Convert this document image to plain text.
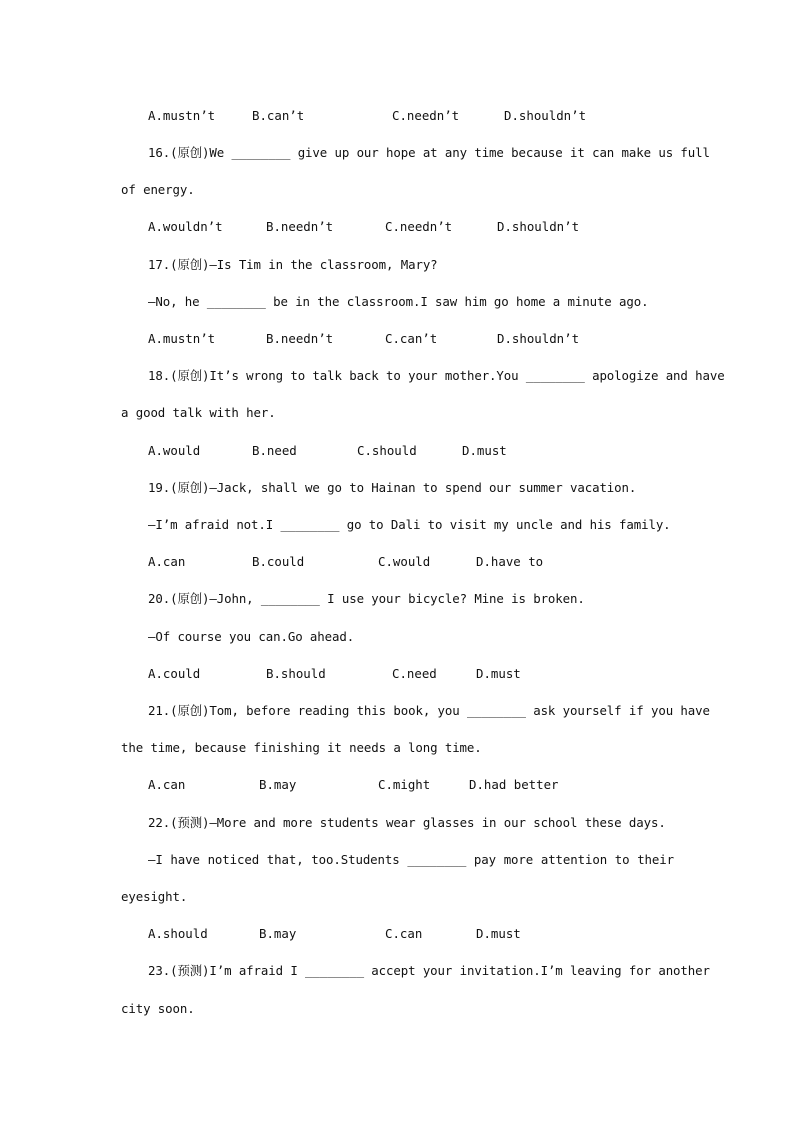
A.mustn’t	B.can’t	C.needn’t	D.shouldn’t
16.(原创)We ________ give up our hope at any time because it can make us full
of energy.
A.wouldn’t	B.needn’t	C.needn’t	D.shouldn’t
17.(原创)—Is Tim in the classroom, Mary?
—No, he ________ be in the classroom.I saw him go home a minute ago.
A.mustn’t	B.needn’t	C.can’t	D.shouldn’t
18.(原创)It’s wrong to talk back to your mother.You ________ apologize and have
a good talk with her.
A.would	B.need	C.should	D.must
19.(原创)—Jack, shall we go to Hainan to spend our summer vacation.
—I’m afraid not.I ________ go to Dali to visit my uncle and his family.
A.can	B.could	C.would	D.have to
20.(原创)—John, ________ I use your bicycle? Mine is broken.
—Of course you can.Go ahead.
A.could	B.should	C.need	D.must
21.(原创)Tom, before reading this book, you ________ ask yourself if you have
the time, because finishing it needs a long time.
A.can	B.may	C.might	D.had better
22.(预测)—More and more students wear glasses in our school these days.
—I have noticed that, too.Students ________ pay more attention to their
eyesight.
A.should	B.may	C.can	D.must
23.(预测)I’m afraid I ________ accept your invitation.I’m leaving for another
city soon.
